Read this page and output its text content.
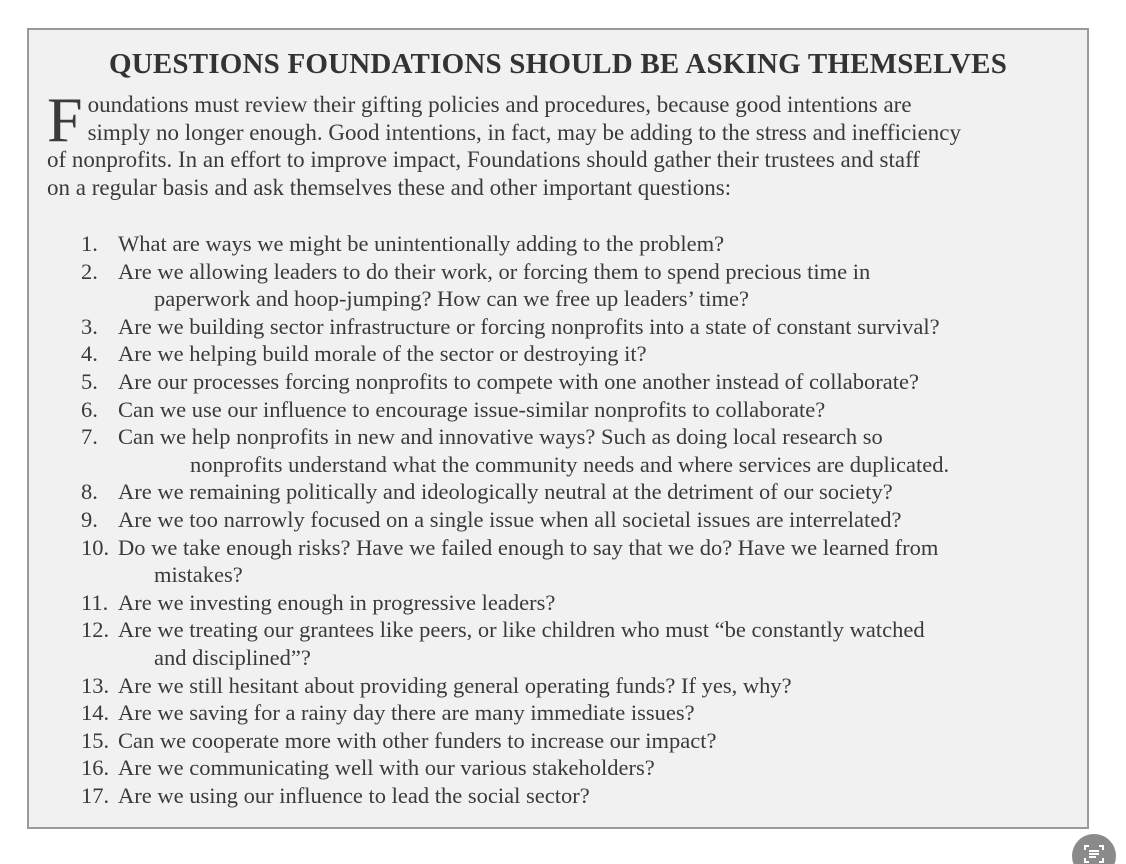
QUESTIONS FOUNDATIONS SHOULD BE ASKING THEMSELVES
F oundations must review their gifting policies and procedures, because good intentions are
simply no longer enough. Good intentions, in fact, may be adding to the stress and inefficiency
of nonprofits. In an effort to improve impact, Foundations should gather their trustees and staff
on a regular basis and ask themselves these and other important questions:
1. What are ways we might be unintentionally adding to the problem?
2. Are we allowing leaders to do their work, or forcing them to spend precious time in
paperwork and hoop-jumping? How can we free up leaders’ time?
3. Are we building sector infrastructure or forcing nonprofits into a state of constant survival?
4. Are we helping build morale of the sector or destroying it?
5. Are our processes forcing nonprofits to compete with one another instead of collaborate?
6. Can we use our influence to encourage issue-similar nonprofits to collaborate?
7. Can we help nonprofits in new and innovative ways? Such as doing local research so
nonprofits understand what the community needs and where services are duplicated.
8. Are we remaining politically and ideologically neutral at the detriment of our society?
9. Are we too narrowly focused on a single issue when all societal issues are interrelated?
10. Do we take enough risks? Have we failed enough to say that we do? Have we learned from
mistakes?
11. Are we investing enough in progressive leaders?
12. Are we treating our grantees like peers, or like children who must “be constantly watched
and disciplined”?
13. Are we still hesitant about providing general operating funds? If yes, why?
14. Are we saving for a rainy day there are many immediate issues?
15. Can we cooperate more with other funders to increase our impact?
16. Are we communicating well with our various stakeholders?
17. Are we using our influence to lead the social sector?
